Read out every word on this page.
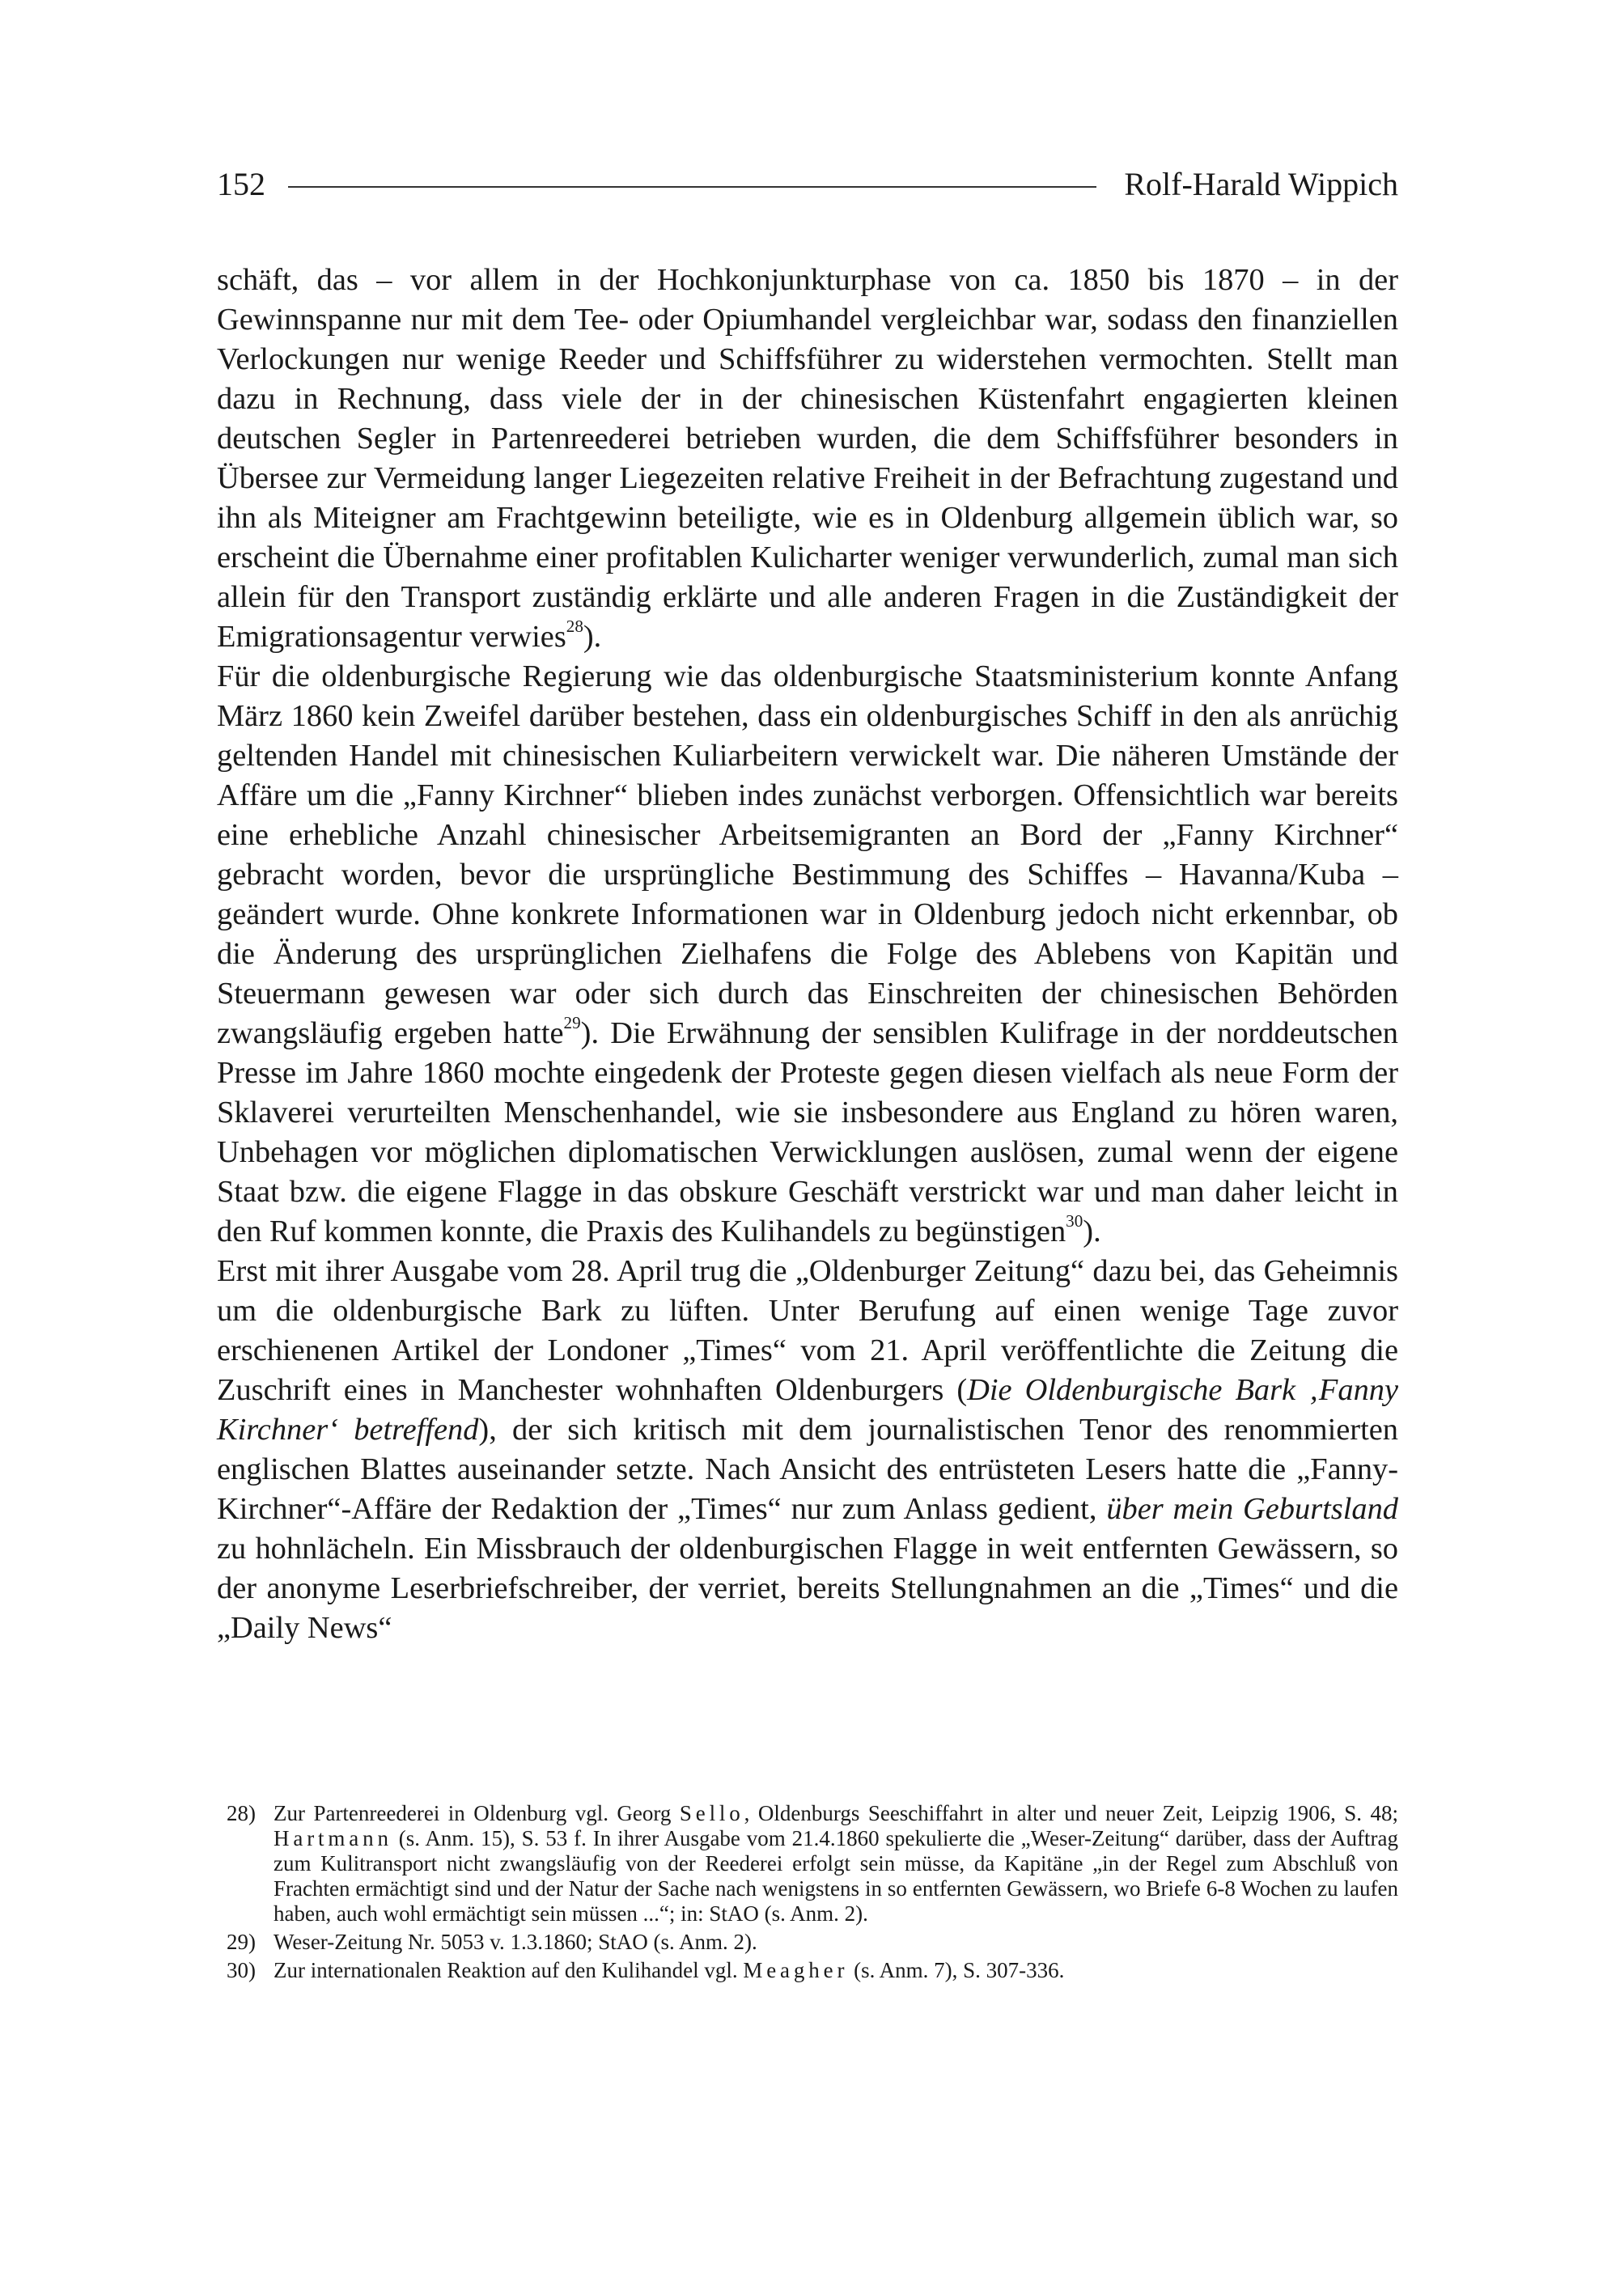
152	Rolf-Harald Wippich

schäft, das – vor allem in der Hochkonjunkturphase von ca. 1850 bis 1870 – in der Gewinnspanne nur mit dem Tee- oder Opiumhandel vergleichbar war, sodass den finanziellen Verlockungen nur wenige Reeder und Schiffsführer zu widerstehen vermochten. Stellt man dazu in Rechnung, dass viele der in der chinesischen Küstenfahrt engagierten kleinen deutschen Segler in Partenreederei betrieben wurden, die dem Schiffsführer besonders in Übersee zur Vermeidung langer Liegezeiten relative Freiheit in der Befrachtung zugestand und ihn als Miteigner am Frachtgewinn beteiligte, wie es in Oldenburg allgemein üblich war, so erscheint die Übernahme einer profitablen Kulicharter weniger verwunderlich, zumal man sich allein für den Transport zuständig erklärte und alle anderen Fragen in die Zuständigkeit der Emigrationsagentur verwies$^{28}$).

Für die oldenburgische Regierung wie das oldenburgische Staatsministerium konnte Anfang März 1860 kein Zweifel darüber bestehen, dass ein oldenburgisches Schiff in den als anrüchig geltenden Handel mit chinesischen Kuliarbeitern verwickelt war. Die näheren Umstände der Affäre um die „Fanny Kirchner“ blieben indes zunächst verborgen. Offensichtlich war bereits eine erhebliche Anzahl chinesischer Arbeitsemigranten an Bord der „Fanny Kirchner“ gebracht worden, bevor die ursprüngliche Bestimmung des Schiffes – Havanna/Kuba – geändert wurde. Ohne konkrete Informationen war in Oldenburg jedoch nicht erkennbar, ob die Änderung des ursprünglichen Zielhafens die Folge des Ablebens von Kapitän und Steuermann gewesen war oder sich durch das Einschreiten der chinesischen Behörden zwangsläufig ergeben hatte$^{29}$). Die Erwähnung der sensiblen Kulifrage in der norddeutschen Presse im Jahre 1860 mochte eingedenk der Proteste gegen diesen vielfach als neue Form der Sklaverei verurteilten Menschenhandel, wie sie insbesondere aus England zu hören waren, Unbehagen vor möglichen diplomatischen Verwicklungen auslösen, zumal wenn der eigene Staat bzw. die eigene Flagge in das obskure Geschäft verstrickt war und man daher leicht in den Ruf kommen konnte, die Praxis des Kulihandels zu begünstigen$^{30}$).

Erst mit ihrer Ausgabe vom 28. April trug die „Oldenburger Zeitung“ dazu bei, das Geheimnis um die oldenburgische Bark zu lüften. Unter Berufung auf einen wenige Tage zuvor erschienenen Artikel der Londoner „Times“ vom 21. April veröffentlichte die Zeitung die Zuschrift eines in Manchester wohnhaften Oldenburgers (Die Oldenburgische Bark ‚Fanny Kirchner‘ betreffend), der sich kritisch mit dem journalistischen Tenor des renommierten englischen Blattes auseinander setzte. Nach Ansicht des entrüsteten Lesers hatte die „Fanny-Kirchner“-Affäre der Redaktion der „Times“ nur zum Anlass gedient, über mein Geburtsland zu hohnlächeln. Ein Missbrauch der oldenburgischen Flagge in weit entfernten Gewässern, so der anonyme Leserbriefschreiber, der verriet, bereits Stellungnahmen an die „Times“ und die „Daily News“

28) Zur Partenreederei in Oldenburg vgl. Georg Sello, Oldenburgs Seeschiffahrt in alter und neuer Zeit, Leipzig 1906, S. 48; Hartmann (s. Anm. 15), S. 53 f. In ihrer Ausgabe vom 21.4.1860 spekulierte die „Weser-Zeitung“ darüber, dass der Auftrag zum Kulitransport nicht zwangsläufig von der Reederei erfolgt sein müsse, da Kapitäne „in der Regel zum Abschluß von Frachten ermächtigt sind und der Natur der Sache nach wenigstens in so entfernten Gewässern, wo Briefe 6-8 Wochen zu laufen haben, auch wohl ermächtigt sein müssen ...“; in: StAO (s. Anm. 2).
29) Weser-Zeitung Nr. 5053 v. 1.3.1860; StAO (s. Anm. 2).
30) Zur internationalen Reaktion auf den Kulihandel vgl. Meagher (s. Anm. 7), S. 307-336.
